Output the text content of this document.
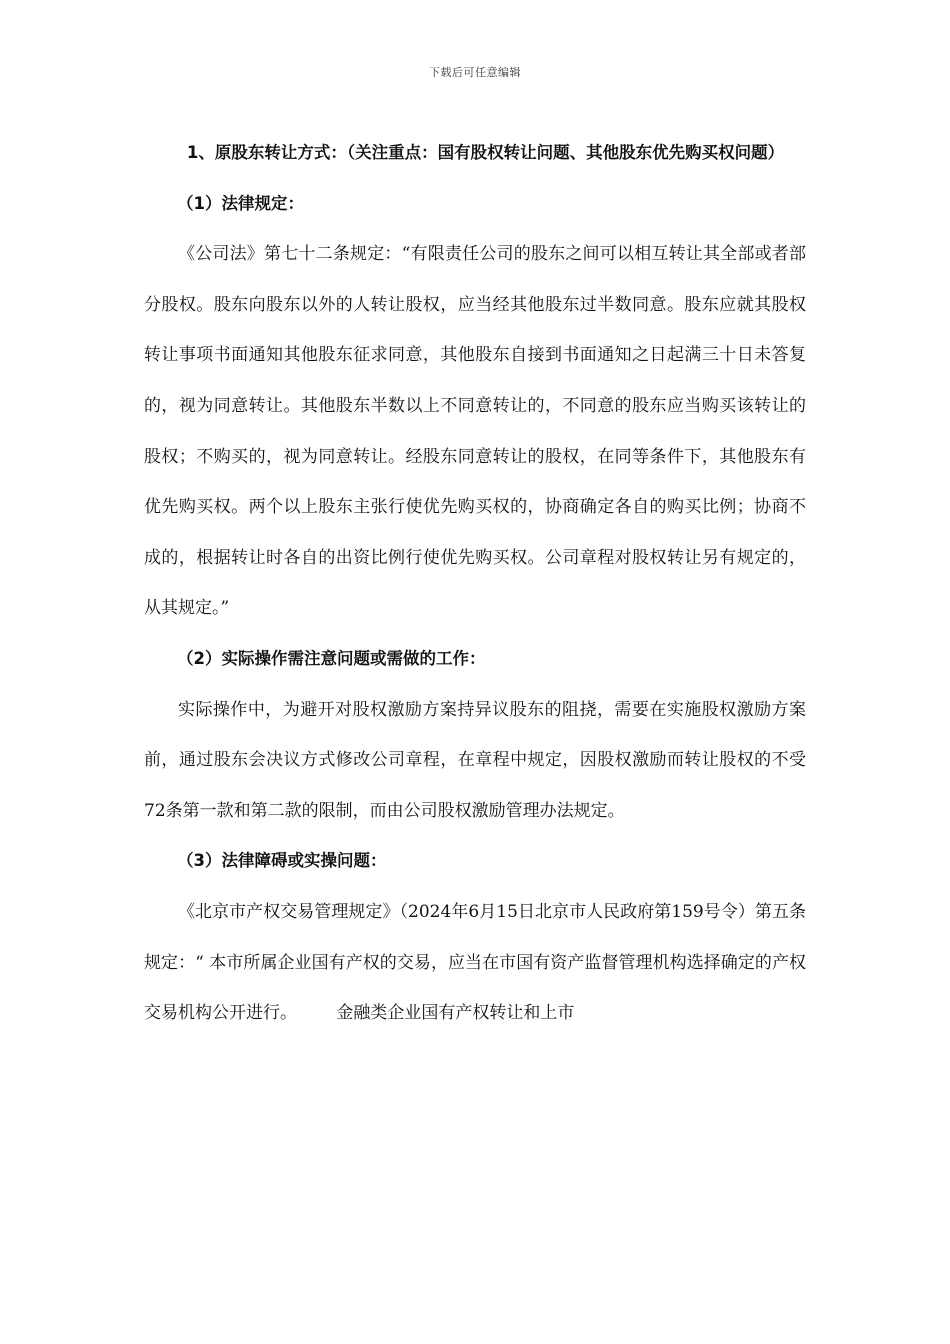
下载后可任意编辑

1、原股东转让方式：（关注重点：国有股权转让问题、其他股东优先购买权问题）

（1）法律规定：

《公司法》第七十二条规定：“有限责任公司的股东之间可以相互转让其全部或者部分股权。股东向股东以外的人转让股权，应当经其他股东过半数同意。股东应就其股权转让事项书面通知其他股东征求同意，其他股东自接到书面通知之日起满三十日未答复的，视为同意转让。其他股东半数以上不同意转让的，不同意的股东应当购买该转让的股权；不购买的，视为同意转让。经股东同意转让的股权，在同等条件下，其他股东有优先购买权。两个以上股东主张行使优先购买权的，协商确定各自的购买比例；协商不成的，根据转让时各自的出资比例行使优先购买权。公司章程对股权转让另有规定的，从其规定。”

（2）实际操作需注意问题或需做的工作：

实际操作中，为避开对股权激励方案持异议股东的阻挠，需要在实施股权激励方案前，通过股东会决议方式修改公司章程，在章程中规定，因股权激励而转让股权的不受72条第一款和第二款的限制，而由公司股权激励管理办法规定。

（3）法律障碍或实操问题：

《北京市产权交易管理规定》（2024年6月15日北京市人民政府第159号令）第五条规定：“ 本市所属企业国有产权的交易，应当在市国有资产监督管理机构选择确定的产权交易机构公开进行。 　　金融类企业国有产权转让和上市
